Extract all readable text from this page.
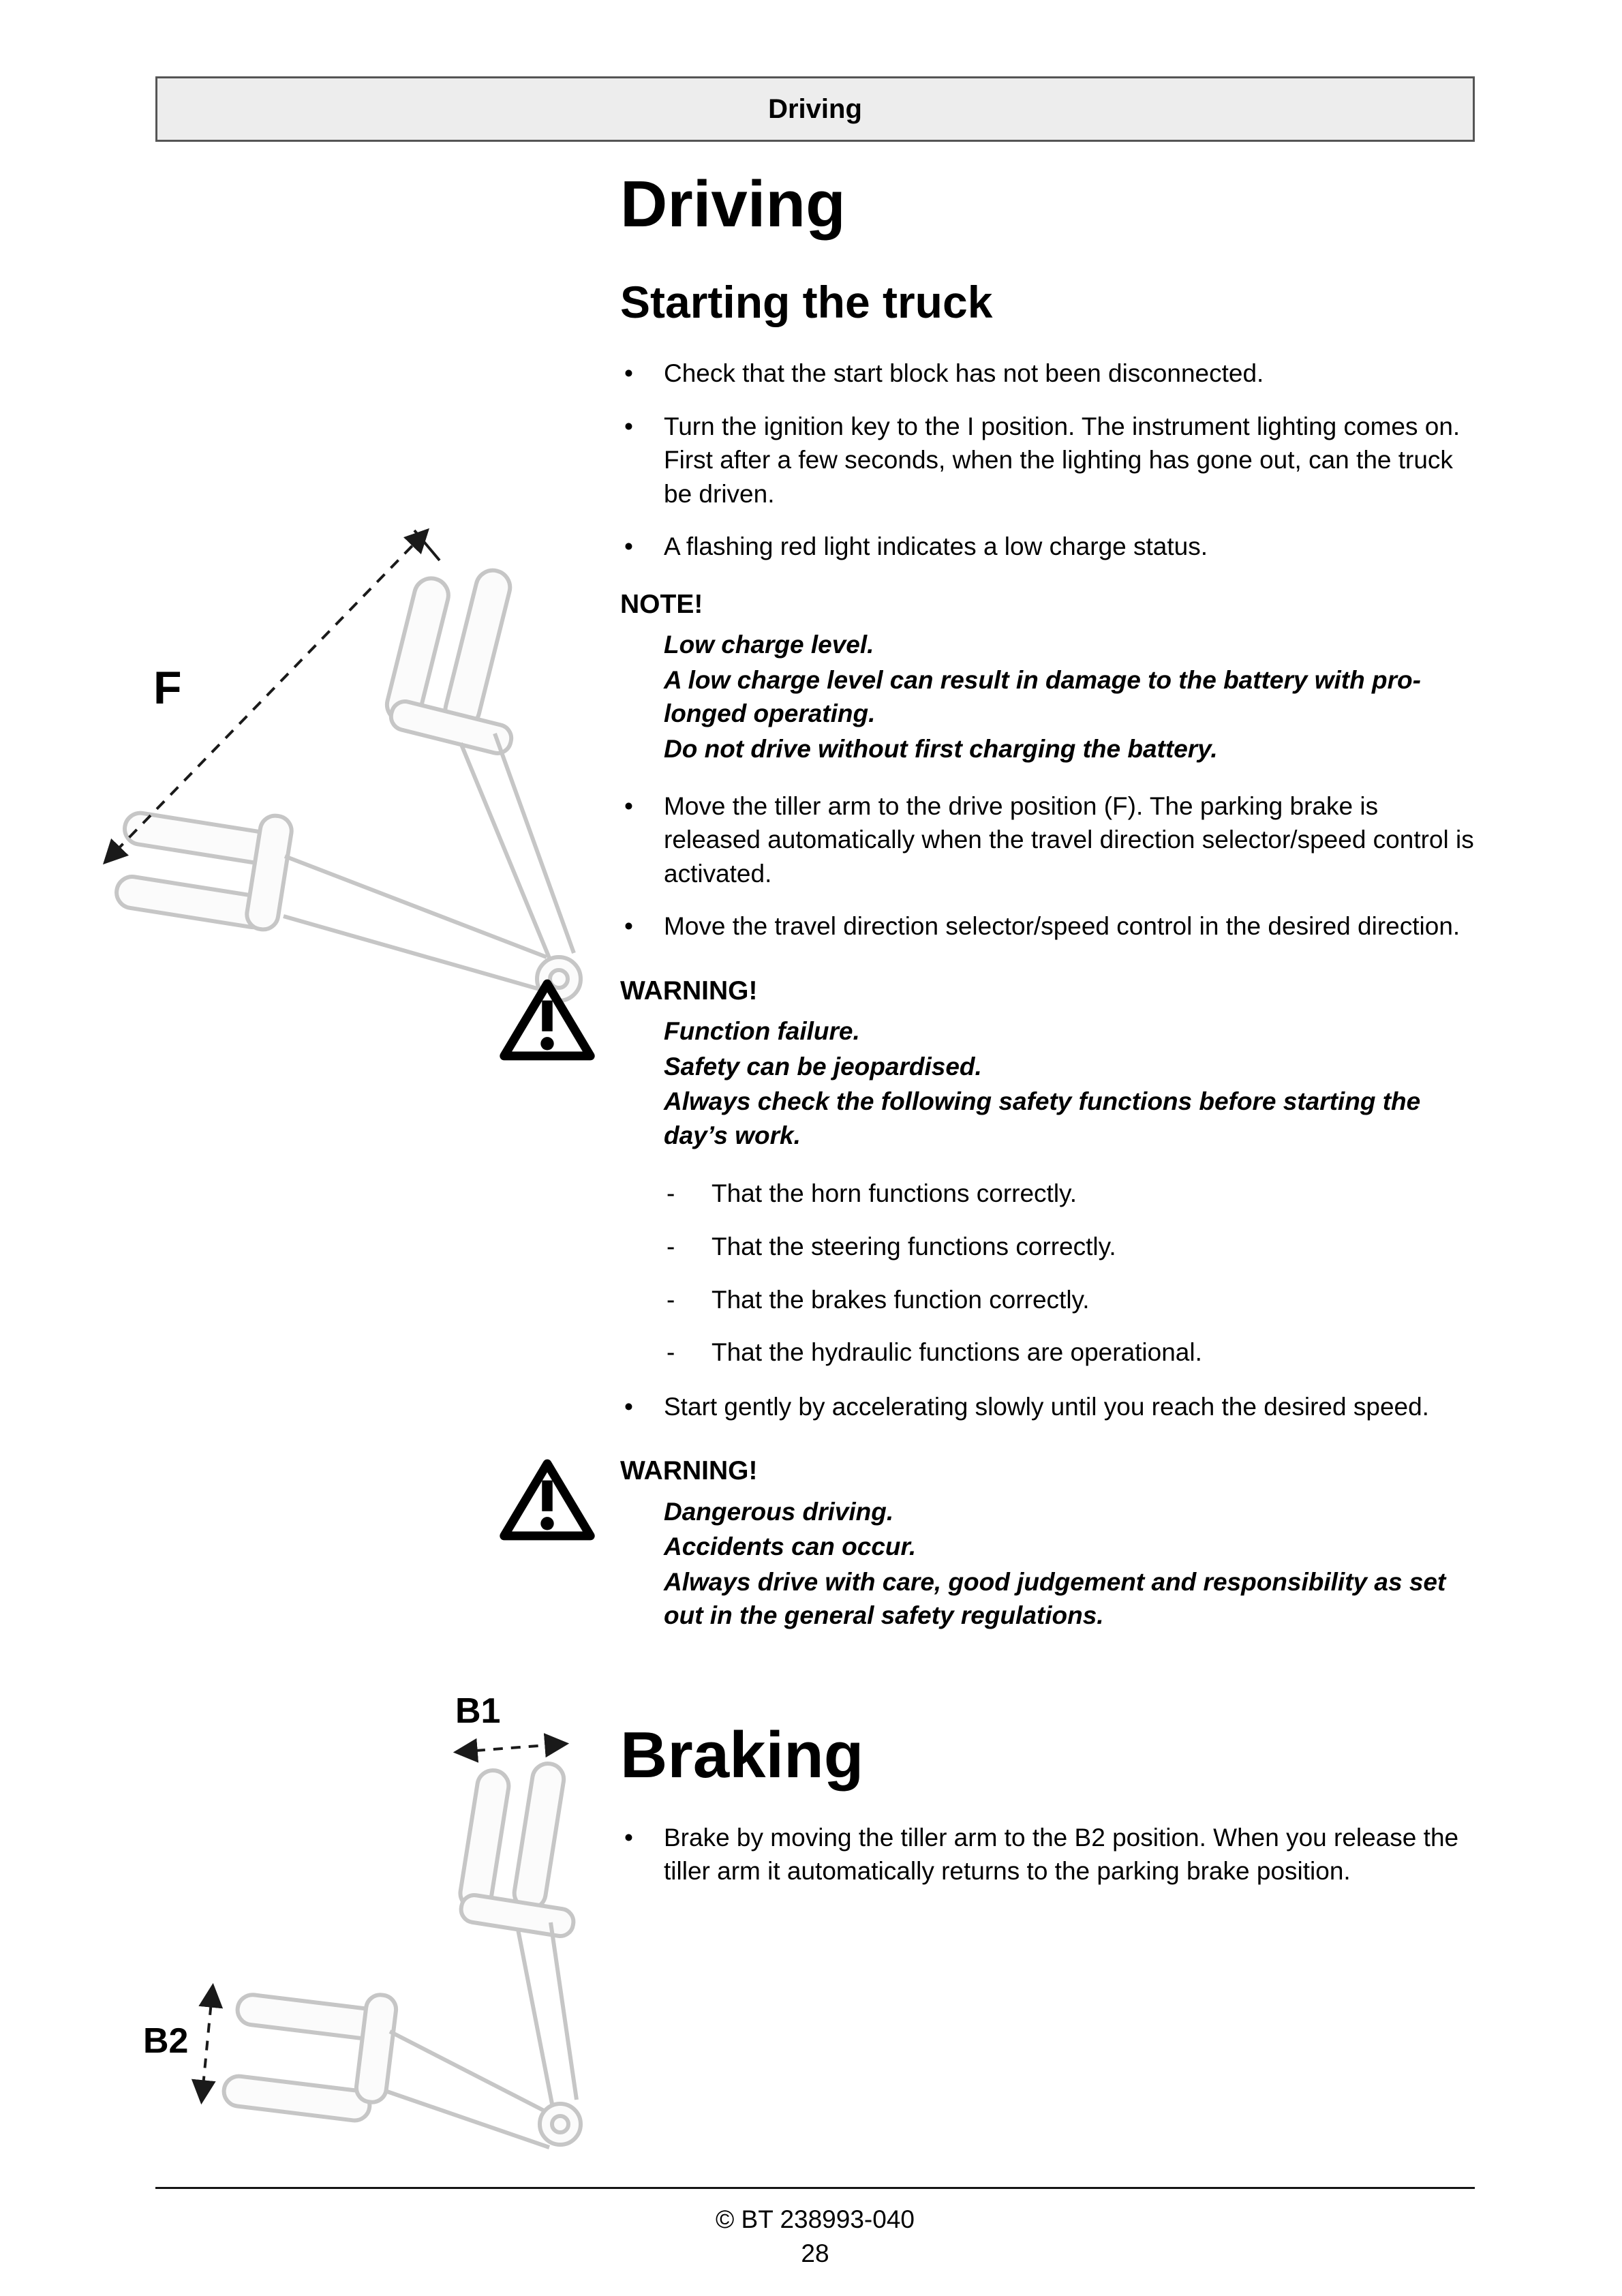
Driving
F
B1
B2
Driving
Starting the truck
• Check that the start block has not been disconnected.
• Turn the ignition key to the I position. The instrument lighting comes on. First after a few seconds, when the lighting has gone out, can the truck be driven.
• A flashing red light indicates a low charge status.
NOTE!
Low charge level.
A low charge level can result in damage to the battery with pro-longed operating.
Do not drive without first charging the battery.
• Move the tiller arm to the drive position (F). The parking brake is released automatically when the travel direction selector/speed control is activated.
• Move the travel direction selector/speed control in the desired direction.
WARNING!
Function failure.
Safety can be jeopardised.
Always check the following safety functions before starting the day’s work.
- That the horn functions correctly.
- That the steering functions correctly.
- That the brakes function correctly.
- That the hydraulic functions are operational.
• Start gently by accelerating slowly until you reach the desired speed.
WARNING!
Dangerous driving.
Accidents can occur.
Always drive with care, good judgement and responsibility as set out in the general safety regulations.
Braking
• Brake by moving the tiller arm to the B2 position. When you release the tiller arm it automatically returns to the parking brake position.
© BT 238993-040
28
